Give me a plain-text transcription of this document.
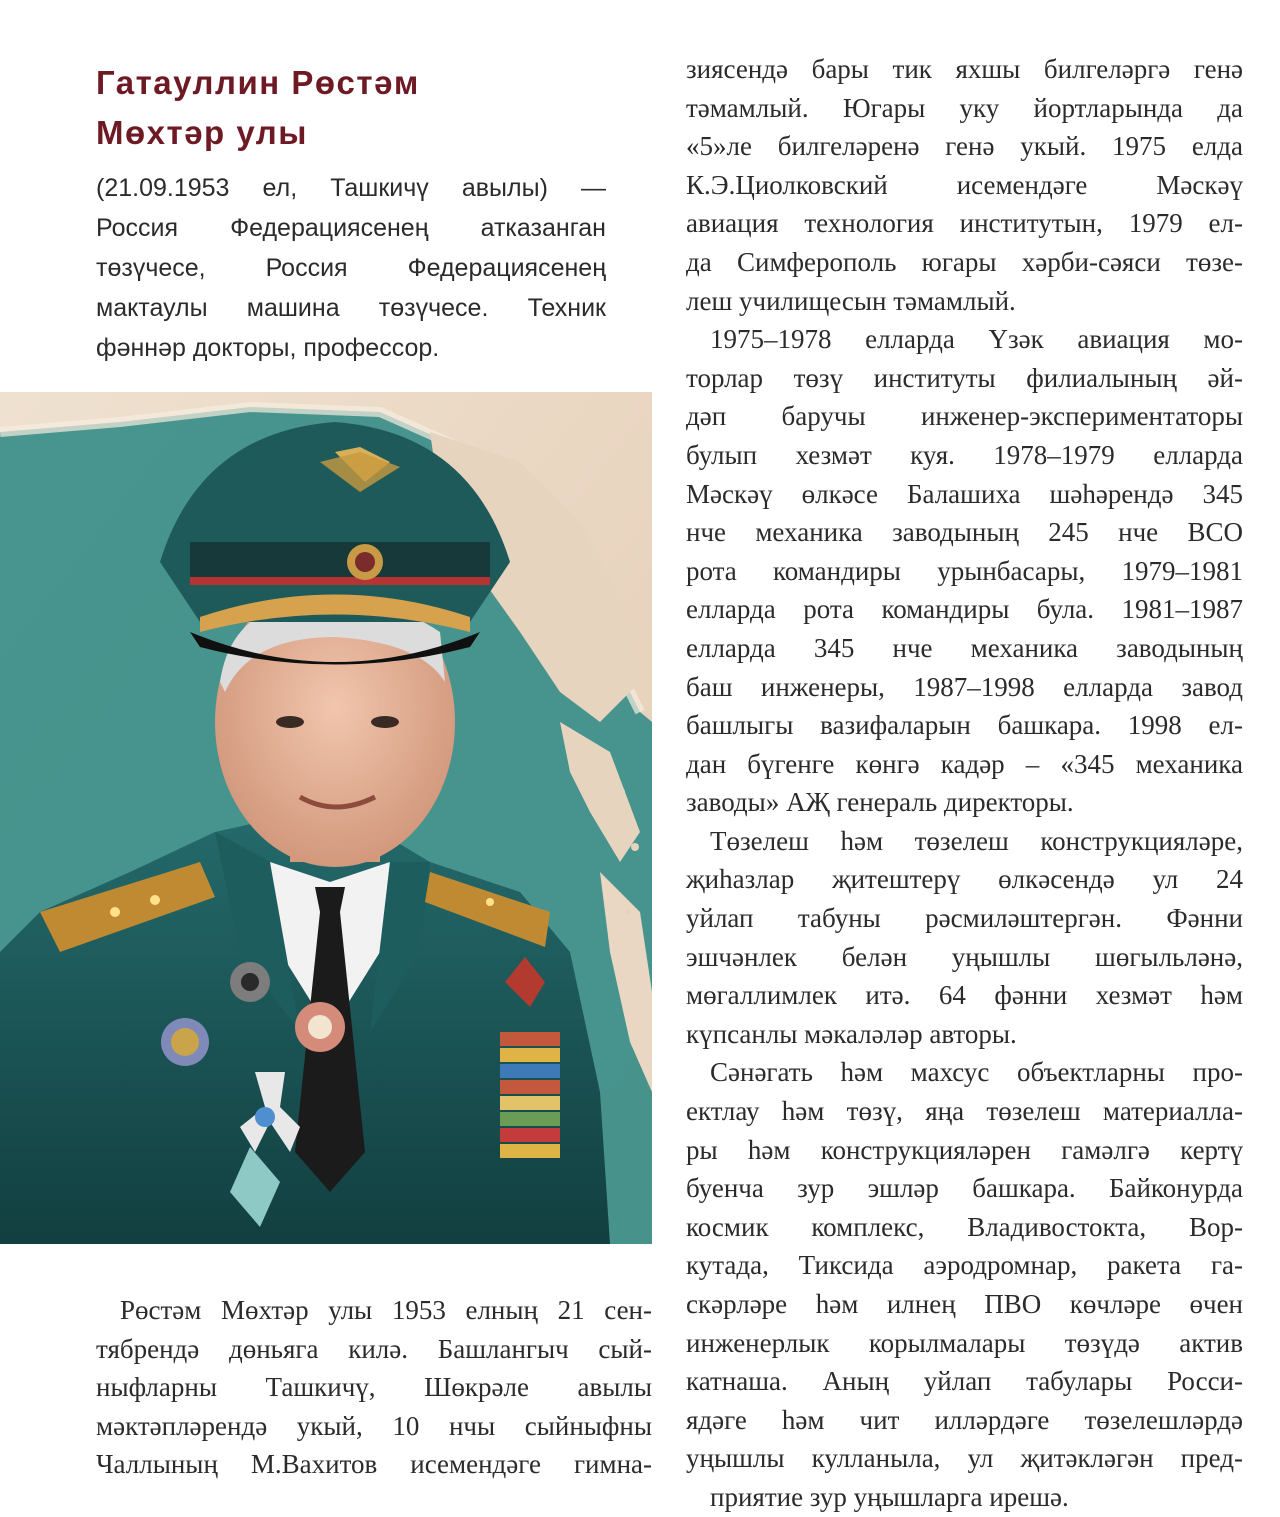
Гатауллин Рөстәм
Мөхтәр улы
(21.09.1953 ел, Ташкичү авылы) —
Россия Федерациясенең атказанган
төзүчесе, Россия Федерациясенең
мактаулы машина төзүчесе. Техник
фәннәр докторы, профессор.
Рөстәм Мөхтәр улы 1953 елның 21 сен-
тябрендә дөньяга килә. Башлангыч сый-
ныфларны Ташкичү, Шөкрәле авылы
мәктәпләрендә укый, 10 нчы сыйныфны
Чаллының М.Вахитов исемендәге гимна-
зиясендә бары тик яхшы билгеләргә генә
тәмамлый. Югары уку йортларында да
«5»ле билгеләренә генә укый. 1975 елда
К.Э.Циолковский исемендәге Мәскәү
авиация технология институтын, 1979 ел-
да Симферополь югары хәрби-сәяси төзе-
леш училищесын тәмамлый.
1975–1978 елларда Үзәк авиация мо-
торлар төзү институты филиалының әй-
дәп баручы инженер-экспериментаторы
булып хезмәт куя. 1978–1979 елларда
Мәскәү өлкәсе Балашиха шәһәрендә 345
нче механика заводының 245 нче ВСО
рота командиры урынбасары, 1979–1981
елларда рота командиры була. 1981–1987
елларда 345 нче механика заводының
баш инженеры, 1987–1998 елларда завод
башлыгы вазифаларын башкара. 1998 ел-
дан бүгенге көнгә кадәр – «345 механика
заводы» АҖ генераль директоры.
Төзелеш һәм төзелеш конструкцияләре,
җиһазлар җитештерү өлкәсендә ул 24
уйлап табуны рәсмиләштергән. Фәнни
эшчәнлек белән уңышлы шөгыльләнә,
мөгаллимлек итә. 64 фәнни хезмәт һәм
күпсанлы мәкаләләр авторы.
Сәнәгать һәм махсус объектларны про-
ектлау һәм төзү, яңа төзелеш материалла-
ры һәм конструкцияләрен гамәлгә кертү
буенча зур эшләр башкара. Байконурда
космик комплекс, Владивостокта, Вор-
кутада, Тиксида аэродромнар, ракета га-
скәрләре һәм илнең ПВО көчләре өчен
инженерлык корылмалары төзүдә актив
катнаша. Аның уйлап табулары Росси-
ядәге һәм чит илләрдәге төзелешләрдә
уңышлы кулланыла, ул җитәкләгән пред-
приятие зур уңышларга ирешә.
